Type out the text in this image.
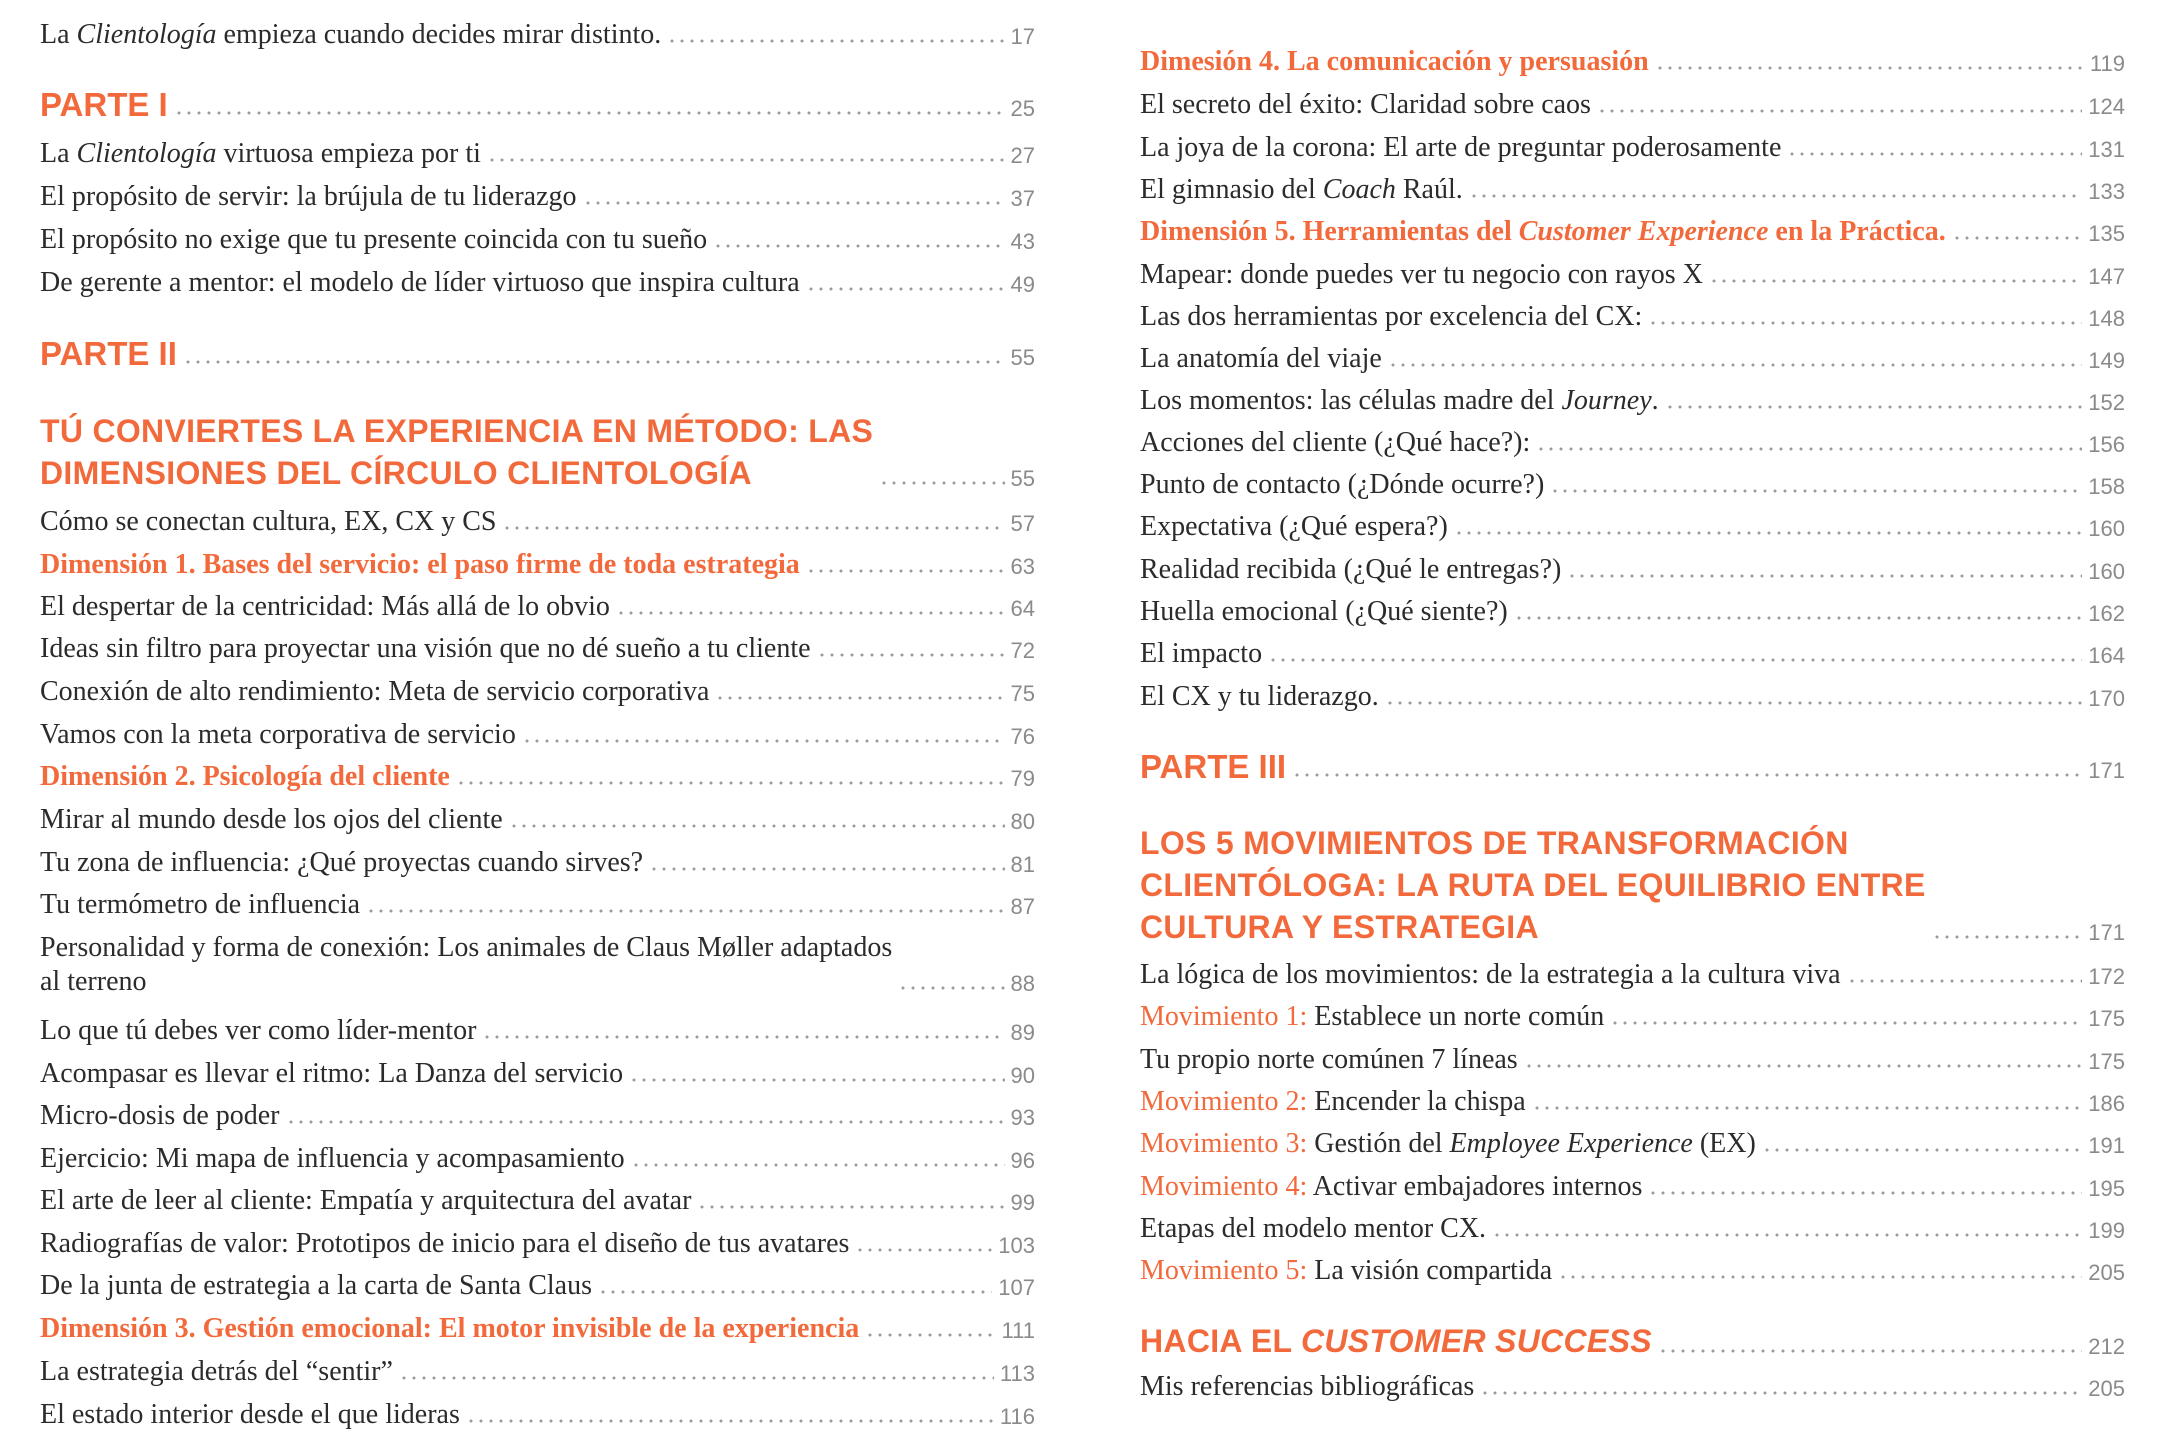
La Clientología empieza cuando decides mirar distinto.	17
PARTE I	25
La Clientología virtuosa empieza por ti	27
El propósito de servir: la brújula de tu liderazgo	37
El propósito no exige que tu presente coincida con tu sueño	43
De gerente a mentor: el modelo de líder virtuoso que inspira cultura	49
PARTE II	55
TÚ CONVIERTES LA EXPERIENCIA EN MÉTODO: LAS
DIMENSIONES DEL CÍRCULO CLIENTOLOGÍA	55
Cómo se conectan cultura, EX, CX y CS	57
Dimensión 1. Bases del servicio: el paso firme de toda estrategia	63
El despertar de la centricidad: Más allá de lo obvio	64
Ideas sin filtro para proyectar una visión que no dé sueño a tu cliente	72
Conexión de alto rendimiento: Meta de servicio corporativa	75
Vamos con la meta corporativa de servicio	76
Dimensión 2. Psicología del cliente	79
Mirar al mundo desde los ojos del cliente	80
Tu zona de influencia: ¿Qué proyectas cuando sirves?	81
Tu termómetro de influencia	87
Personalidad y forma de conexión: Los animales de Claus Møller adaptados
al terreno	88
Lo que tú debes ver como líder-mentor	89
Acompasar es llevar el ritmo: La Danza del servicio	90
Micro-dosis de poder	93
Ejercicio: Mi mapa de influencia y acompasamiento	96
El arte de leer al cliente: Empatía y arquitectura del avatar	99
Radiografías de valor: Prototipos de inicio para el diseño de tus avatares	103
De la junta de estrategia a la carta de Santa Claus	107
Dimensión 3. Gestión emocional: El motor invisible de la experiencia	111
La estrategia detrás del “sentir”	113
El estado interior desde el que lideras	116
Dimesión 4. La comunicación y persuasión	119
El secreto del éxito: Claridad sobre caos	124
La joya de la corona: El arte de preguntar poderosamente	131
El gimnasio del Coach Raúl.	133
Dimensión 5. Herramientas del Customer Experience en la Práctica.	135
Mapear: donde puedes ver tu negocio con rayos X	147
Las dos herramientas por excelencia del CX:	148
La anatomía del viaje	149
Los momentos: las células madre del Journey.	152
Acciones del cliente (¿Qué hace?):	156
Punto de contacto (¿Dónde ocurre?)	158
Expectativa (¿Qué espera?)	160
Realidad recibida (¿Qué le entregas?)	160
Huella emocional (¿Qué siente?)	162
El impacto	164
El CX y tu liderazgo.	170
PARTE III	171
LOS 5 MOVIMIENTOS DE TRANSFORMACIÓN
CLIENTÓLOGA: LA RUTA DEL EQUILIBRIO ENTRE
CULTURA Y ESTRATEGIA	171
La lógica de los movimientos: de la estrategia a la cultura viva	172
Movimiento 1: Establece un norte común	175
Tu propio norte comúnen 7 líneas	175
Movimiento 2: Encender la chispa	186
Movimiento 3: Gestión del Employee Experience (EX)	191
Movimiento 4: Activar embajadores internos	195
Etapas del modelo mentor CX.	199
Movimiento 5: La visión compartida	205
HACIA EL CUSTOMER SUCCESS	212
Mis referencias bibliográficas	205
